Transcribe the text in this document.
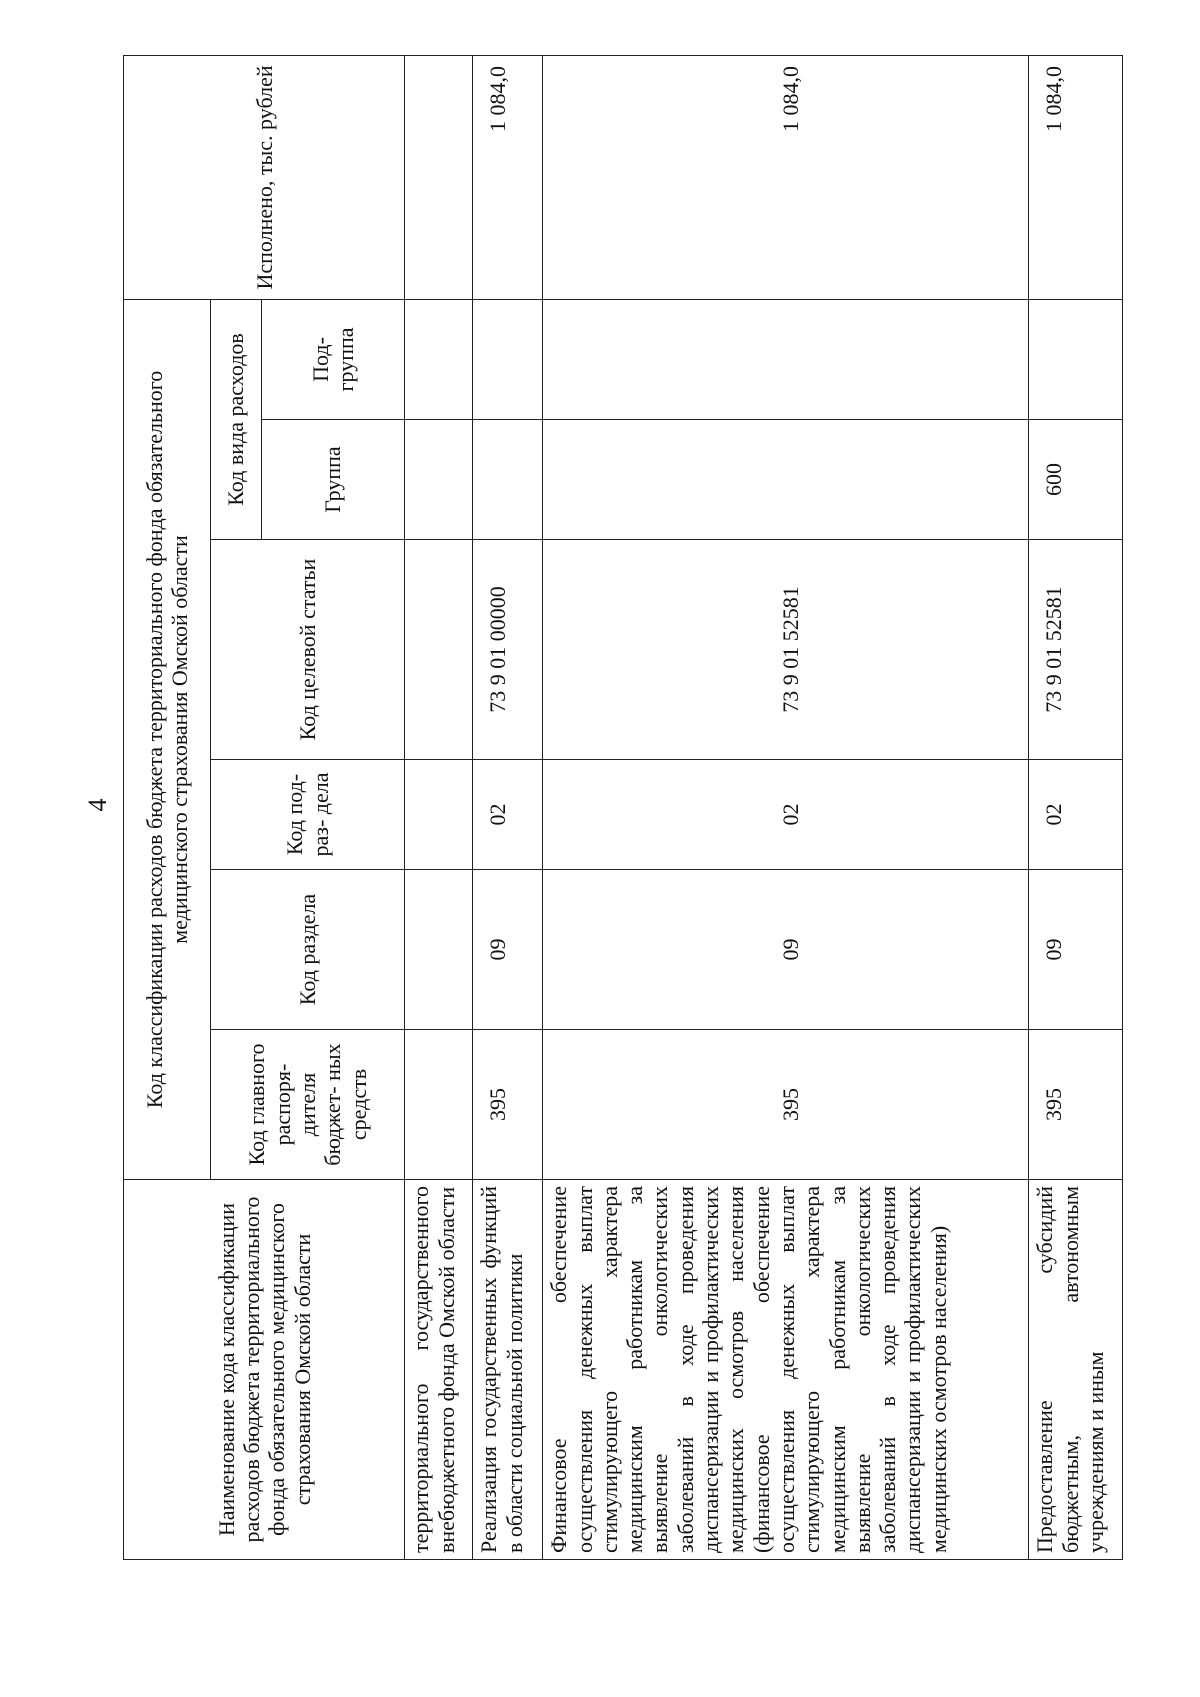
4
Наименование кода классификации расходов бюджета территориального фонда обязательного медицинского страхования Омской области	Код классификации расходов бюджета территориального фонда обязательного медицинского страхования Омской области						Исполнено, тыс. рублей
	Код главного распоря- дителя бюджет- ных средств	Код раздела	Код под- раз- дела	Код целевой статьи	Код вида расходов		
					Группа	Под- группа	
территориального государственного внебюджетного фонда Омской области							
Реализация государственных функций в области социальной политики	395	09	02	73 9 01 00000			1 084,0
Финансовое обеспечение осуществления денежных выплат стимулирующего характера медицинским работникам за выявление онкологических заболеваний в ходе проведения диспансеризации и профилактических медицинских осмотров населения (финансовое обеспечение осуществления денежных выплат стимулирующего характера медицинским работникам за выявление онкологических заболеваний в ходе проведения диспансеризации и профилактических медицинских осмотров населения)	395	09	02	73 9 01 52581			1 084,0
Предоставление субсидий бюджетным, автономным учреждениям и иным	395	09	02	73 9 01 52581	600		1 084,0
